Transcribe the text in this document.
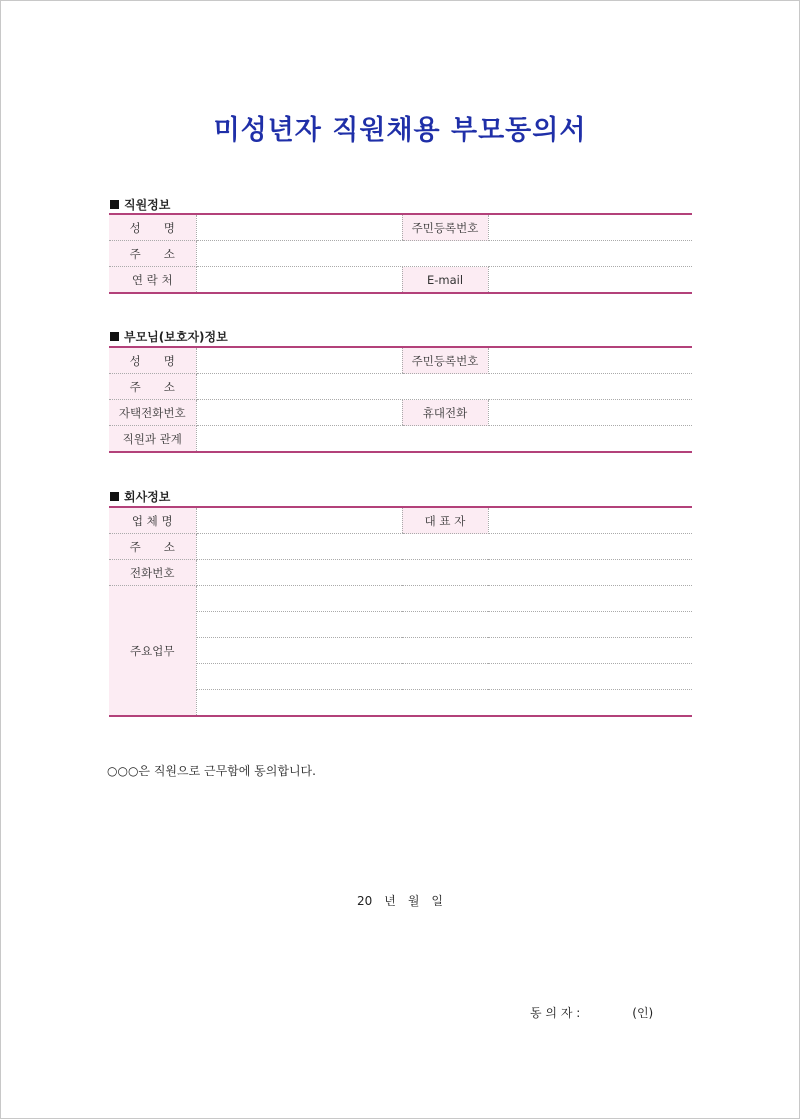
미성년자 직원채용 부모동의서
직원정보
성　　명		주민등록번호	
주　　소			
연 락 처		E-mail	
부모님(보호자)정보
성　　명		주민등록번호	
주　　소			
자택전화번호		휴대전화	
직원과 관계			
회사정보
업 체 명		대 표 자	
주　　소			
전화번호			
주요업무			

○○○은 직원으로 근무함에 동의합니다.
20　년　월　일
동 의 자 :	(인)
